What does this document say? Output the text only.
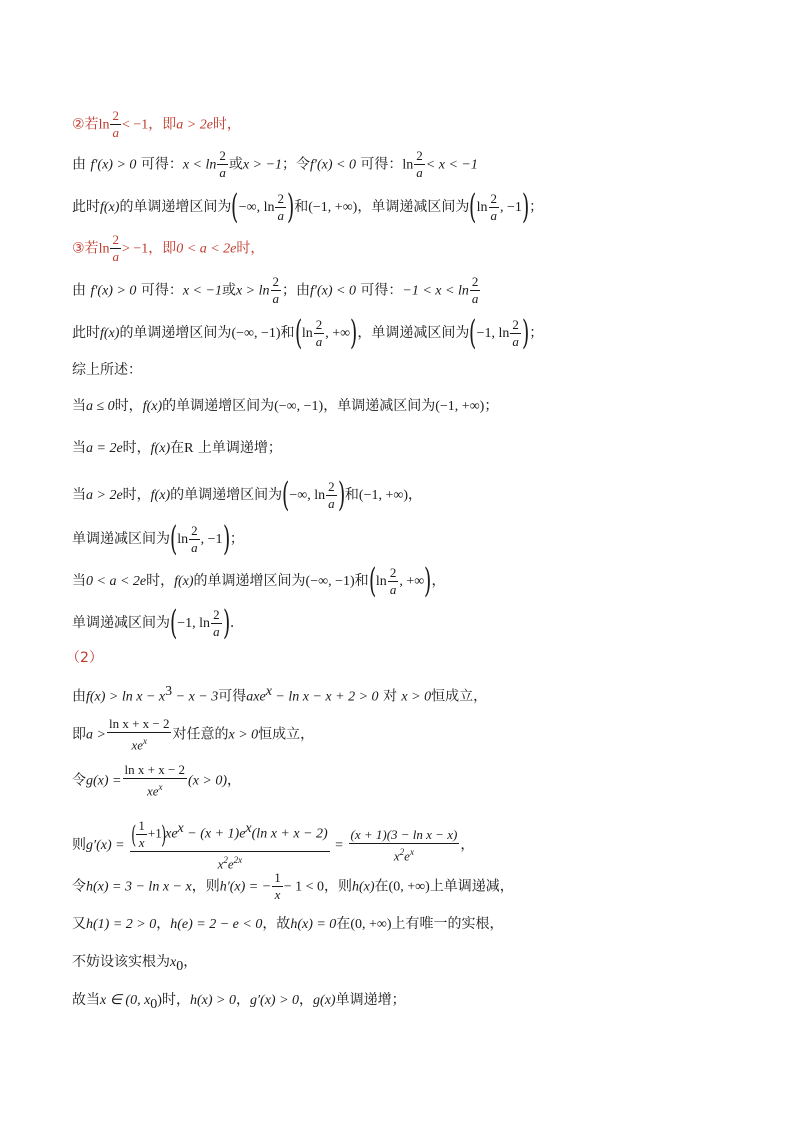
②若$\ln \frac{2}{a} < -1$，即a > 2e时，
由 f′(x) > 0 可得：$x < \ln \frac{2}{a}$ 或x > −1；令f′(x) < 0 可得：$\ln \frac{2}{a} < x < -1$
此时f(x)的单调递增区间为(−∞, $\ln \frac{2}{a}$ )和(−1, +∞)，单调递减区间为($\ln \frac{2}{a}$ , −1)；
③若$\ln \frac{2}{a} > -1$，即0 < a < 2e时，
由 f′(x) > 0 可得：x < −1或$x > \ln \frac{2}{a}$ ；由f′(x) < 0 可得：$-1 < x < \ln \frac{2}{a}$
此时f(x)的单调递增区间为(−∞, −1)和($\ln \frac{2}{a}$ , +∞)，单调递减区间为(−1, $\ln \frac{2}{a}$ )；
综上所述：
当a ≤ 0时，f(x)的单调递增区间为(−∞, −1)，单调递减区间为(−1, +∞)；
当a = 2e时，f(x)在R 上单调递增；
当a > 2e时，f(x)的单调递增区间为(−∞, $\ln \frac{2}{a}$ )和(−1, +∞)，
单调递减区间为($\ln \frac{2}{a}$ , −1)；
当0 < a < 2e时，f(x)的单调递增区间为(−∞, −1)和($\ln \frac{2}{a}$ , +∞)，
单调递减区间为(−1, $\ln \frac{2}{a}$ ).
（2）
由$f(x) > \ln x - x^3 - x - 3$可得axe$^x$ − ln x − x + 2 > 0 对 x > 0恒成立，
即$a > \frac{\text{ln x + x − 2}}{xe^x}$ 对任意的x > 0恒成立，
令$g(x) = \frac{\text{ln x + x − 2}}{xe^x} (x > 0)$，
则$g'(x) = \frac{( \frac{1}{x} +1)xe^x - (x + 1)e^x(\ln x + x - 2)}{x^2e^{2x}} = \frac{\text{(x + 1)(3 − ln x − x)}}{x^2e^x}$ ，
令h(x) = 3 − ln x − x，则h′(x) = − $\frac{1}{x} - 1 < 0$，则h(x)在(0, +∞)上单调递减，
又h(1) = 2 > 0，h(e) = 2 − e < 0，故h(x) = 0在(0, +∞)上有唯一的实根，
不妨设该实根为$x_0$，
故当x ∈ (0, $x_0$)时，h(x) > 0，g′(x) > 0，g(x)单调递增；
